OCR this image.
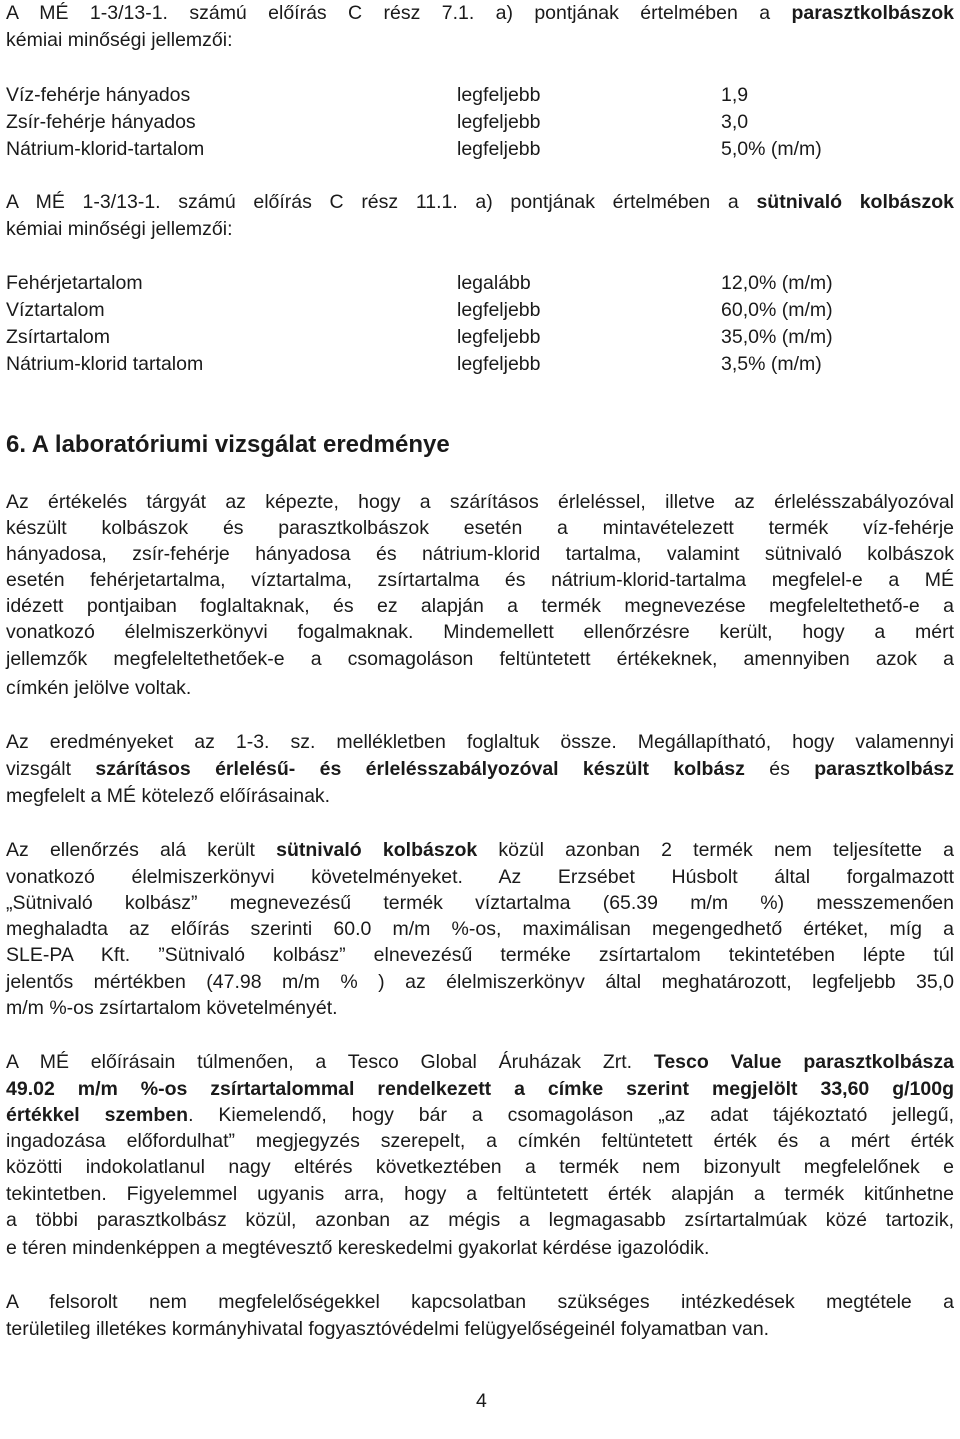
A MÉ 1-3/13-1. számú előírás C rész 7.1. a) pontjának értelmében a parasztkolbászok
kémiai minőségi jellemzői:
Víz-fehérje hányados	legfeljebb	1,9
Zsír-fehérje hányados	legfeljebb	3,0
Nátrium-klorid-tartalom	legfeljebb	5,0% (m/m)
A MÉ 1-3/13-1. számú előírás C rész 11.1. a) pontjának értelmében a sütnivaló kolbászok
kémiai minőségi jellemzői:
Fehérjetartalom	legalább	12,0% (m/m)
Víztartalom	legfeljebb	60,0% (m/m)
Zsírtartalom	legfeljebb	35,0% (m/m)
Nátrium-klorid tartalom	legfeljebb	3,5% (m/m)
6. A laboratóriumi vizsgálat eredménye
Az értékelés tárgyát az képezte, hogy a szárításos érleléssel, illetve az érlelésszabályozóval
készült kolbászok és parasztkolbászok esetén a mintavételezett termék víz-fehérje
hányadosa, zsír-fehérje hányadosa és nátrium-klorid tartalma, valamint sütnivaló kolbászok
esetén fehérjetartalma, víztartalma, zsírtartalma és nátrium-klorid-tartalma megfelel-e a MÉ
idézett pontjaiban foglaltaknak, és ez alapján a termék megnevezése megfeleltethető-e a
vonatkozó élelmiszerkönyvi fogalmaknak. Mindemellett ellenőrzésre került, hogy a mért
jellemzők megfeleltethetőek-e a csomagoláson feltüntetett értékeknek, amennyiben azok a
címkén jelölve voltak.
Az eredményeket az 1-3. sz. mellékletben foglaltuk össze. Megállapítható, hogy valamennyi
vizsgált szárításos érlelésű- és érlelésszabályozóval készült kolbász és parasztkolbász
megfelelt a MÉ kötelező előírásainak.
Az ellenőrzés alá került sütnivaló kolbászok közül azonban 2 termék nem teljesítette a
vonatkozó élelmiszerkönyvi követelményeket. Az Erzsébet Húsbolt által forgalmazott
„Sütnivaló kolbász” megnevezésű termék víztartalma (65.39 m/m %) messzemenően
meghaladta az előírás szerinti 60.0 m/m %-os, maximálisan megengedhető értéket, míg a
SLE-PA Kft. ”Sütnivaló kolbász” elnevezésű terméke zsírtartalom tekintetében lépte túl
jelentős mértékben (47.98 m/m % ) az élelmiszerkönyv által meghatározott, legfeljebb 35,0
m/m %-os zsírtartalom követelményét.
A MÉ előírásain túlmenően, a Tesco Global Áruházak Zrt. Tesco Value parasztkolbásza
49.02 m/m %-os zsírtartalommal rendelkezett a címke szerint megjelölt 33,60 g/100g
értékkel szemben. Kiemelendő, hogy bár a csomagoláson „az adat tájékoztató jellegű,
ingadozása előfordulhat” megjegyzés szerepelt, a címkén feltüntetett érték és a mért érték
közötti indokolatlanul nagy eltérés következtében a termék nem bizonyult megfelelőnek e
tekintetben. Figyelemmel ugyanis arra, hogy a feltüntetett érték alapján a termék kitűnhetne
a többi parasztkolbász közül, azonban az mégis a legmagasabb zsírtartalmúak közé tartozik,
e téren mindenképpen a megtévesztő kereskedelmi gyakorlat kérdése igazolódik.
A felsorolt nem megfelelőségekkel kapcsolatban szükséges intézkedések megtétele a
területileg illetékes kormányhivatal fogyasztóvédelmi felügyelőségeinél folyamatban van.
4
